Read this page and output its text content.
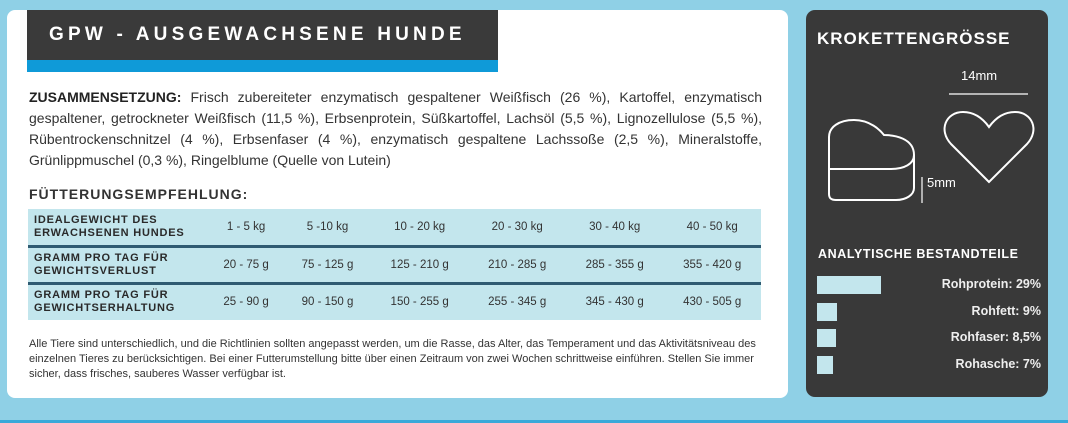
GPW - AUSGEWACHSENE HUNDE

ZUSAMMENSETZUNG: Frisch zubereiteter enzymatisch gespaltener Weißfisch (26 %), Kartoffel, enzymatisch gespaltener, getrockneter Weißfisch (11,5 %), Erbsenprotein, Süßkartoffel, Lachsöl (5,5 %), Lignozellulose (5,5 %), Rübentrockenschnitzel (4 %), Erbsenfaser (4 %), enzymatisch gespaltene Lachssoße (2,5 %), Mineralstoffe, Grünlippmuschel (0,3 %), Ringelblume (Quelle von Lutein)

FÜTTERUNGSEMPFEHLUNG:
IDEALGEWICHT DES ERWACHSENEN HUNDES	1 - 5 kg	5 -10 kg	10 - 20 kg	20 - 30 kg	30 - 40 kg	40 - 50 kg
GRAMM PRO TAG FÜR GEWICHTSVERLUST	20 - 75 g	75 - 125 g	125 - 210 g	210 - 285 g	285 - 355 g	355 - 420 g
GRAMM PRO TAG FÜR GEWICHTSERHALTUNG	25 - 90 g	90 - 150 g	150 - 255 g	255 - 345 g	345 - 430 g	430 - 505 g

Alle Tiere sind unterschiedlich, und die Richtlinien sollten angepasst werden, um die Rasse, das Alter, das Temperament und das Aktivitätsniveau des einzelnen Tieres zu berücksichtigen. Bei einer Futterumstellung bitte über einen Zeitraum von zwei Wochen schrittweise einführen. Stellen Sie immer sicher, dass frisches, sauberes Wasser verfügbar ist.

KROKETTENGRÖSSE
14mm
5mm
ANALYTISCHE BESTANDTEILE
Rohprotein: 29%
Rohfett: 9%
Rohfaser: 8,5%
Rohasche: 7%
